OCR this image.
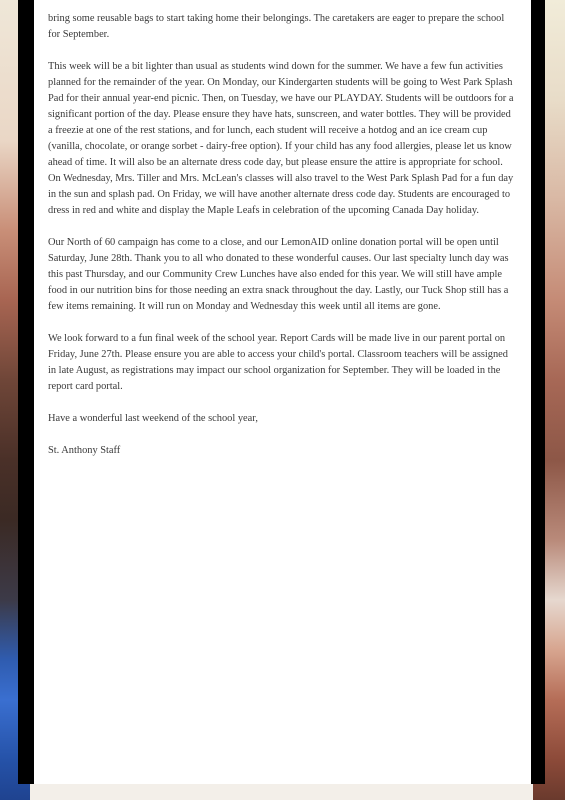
bring some reusable bags to start taking home their belongings. The caretakers are eager to prepare the school for September.

This week will be a bit lighter than usual as students wind down for the summer. We have a few fun activities planned for the remainder of the year. On Monday, our Kindergarten students will be going to West Park Splash Pad for their annual year-end picnic. Then, on Tuesday, we have our PLAYDAY. Students will be outdoors for a significant portion of the day. Please ensure they have hats, sunscreen, and water bottles. They will be provided a freezie at one of the rest stations, and for lunch, each student will receive a hotdog and an ice cream cup (vanilla, chocolate, or orange sorbet - dairy-free option). If your child has any food allergies, please let us know ahead of time. It will also be an alternate dress code day, but please ensure the attire is appropriate for school. On Wednesday, Mrs. Tiller and Mrs. McLean's classes will also travel to the West Park Splash Pad for a fun day in the sun and splash pad. On Friday, we will have another alternate dress code day. Students are encouraged to dress in red and white and display the Maple Leafs in celebration of the upcoming Canada Day holiday.

Our North of 60 campaign has come to a close, and our LemonAID online donation portal will be open until Saturday, June 28th. Thank you to all who donated to these wonderful causes. Our last specialty lunch day was this past Thursday, and our Community Crew Lunches have also ended for this year. We will still have ample food in our nutrition bins for those needing an extra snack throughout the day. Lastly, our Tuck Shop still has a few items remaining. It will run on Monday and Wednesday this week until all items are gone.

We look forward to a fun final week of the school year. Report Cards will be made live in our parent portal on Friday, June 27th. Please ensure you are able to access your child's portal. Classroom teachers will be assigned in late August, as registrations may impact our school organization for September. They will be loaded in the report card portal.

Have a wonderful last weekend of the school year,

St. Anthony Staff
